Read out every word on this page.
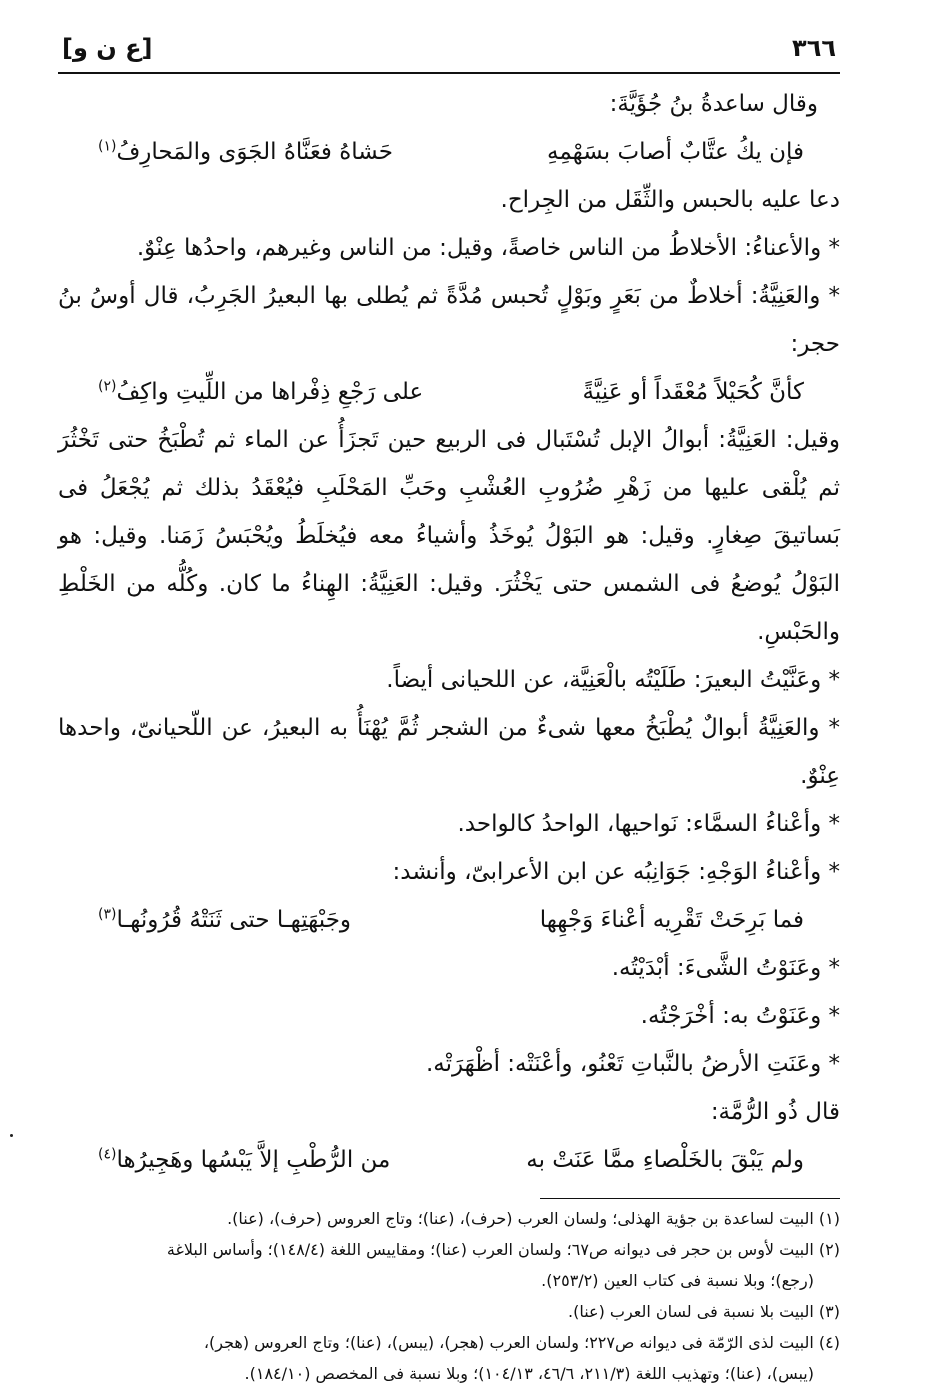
٣٦٦
[ع ن و]

وقال ساعدةُ بنُ جُؤَيَّةَ:

فإن يكُ عتَّابٌ أصابَ بسَهْمِهِ
حَشاهُ فعَنَّاهُ الجَوَى والمَحارِفُ$^{(١)}$

دعا عليه بالحبس والثِّقَل من الجِراح.

* والأعناءُ: الأخلاطُ من الناس خاصةً، وقيل: من الناس وغيرهم، واحدُها عِنْوٌ.

* والعَنِيَّةُ: أخلاطٌ من بَعَرٍ وبَوْلٍ تُحبس مُدَّةً ثم يُطلى بها البعيرُ الجَرِبُ، قال أوسُ بنُ حجر:

كأنَّ كُحَيْلاً مُعْقَداً أو عَنِيَّةً
على رَجْعِ ذِفْراها من اللِّيتِ واكِفُ$^{(٢)}$

وقيل: العَنِيَّةُ: أبوالُ الإبل تُسْتَبال فى الربيع حين تَجزَأُ عن الماء ثم تُطْبَخُ حتى تَخْثُرَ ثم يُلْقى عليها من زَهْرِ ضُرُوبِ العُشْبِ وحَبِّ المَحْلَبِ فيُعْقَدُ بذلك ثم يُجْعَلُ فى بَساتيقَ صِغارٍ. وقيل: هو البَوْلُ يُوخَذُ وأشياءُ معه فيُخلَطُ ويُحْبَسُ زَمَنا. وقيل: هو البَوْلُ يُوضعُ فى الشمس حتى يَخْثُرَ. وقيل: العَنِيَّةُ: الهِناءُ ما كان. وكُلُّه من الخَلْطِ والحَبْسِ.

* وعَنَّيْتُ البعيرَ: طَلَيْتُه بالْعَنِيَّة، عن اللحيانى أيضاً.

* والعَنِيَّةُ أبوالٌ يُطْبَخُ معها شىءٌ من الشجر ثُمَّ يُهْنَأُ به البعيرُ، عن اللّحيانىّ، واحدها عِنْوٌ.

* وأعْناءُ السمَّاء: نَواحيها، الواحدُ كالواحد.

* وأعْناءُ الوَجْهِ: جَوَانِبُه عن ابن الأعرابىّ، وأنشد:

فما بَرِحَتْ تَقْرِيه أعْناءَ وَجْهِها
وجَبْهَتِهـا حتى ثَنَتْهُ قُرُونُهـا$^{(٣)}$

* وعَنَوْتُ الشَّىءَ: أبْدَيْتُه.

* وعَنَوْتُ به: أخْرَجْتُه.

* وعَنَتِ الأرضُ بالنَّباتِ تَعْنُو، وأعْنَتْه: أظْهَرَتْه.

قال ذُو الرُّمَّة:

ولم يَبْقَ بالخَلْصاءِ ممَّا عَنَتْ به
من الرُّطْبِ إلاَّ يَبْسُها وهَجِيرُها$^{(٤)}$

(١) البيت لساعدة بن جؤية الهذلى؛ ولسان العرب (حرف)، (عنا)؛ وتاج العروس (حرف)، (عنا).

(٢) البيت لأوس بن حجر فى ديوانه ص٦٧؛ ولسان العرب (عنا)؛ ومقاييس اللغة (١٤٨/٤)؛ وأساس البلاغة
(رجع)؛ وبلا نسبة فى كتاب العين (٢٥٣/٢).

(٣) البيت بلا نسبة فى لسان العرب (عنا).

(٤) البيت لذى الرّمّة فى ديوانه ص٢٢٧؛ ولسان العرب (هجر)، (يبس)، (عنا)؛ وتاج العروس (هجر)،
(يبس)، (عنا)؛ وتهذيب اللغة (٢١١/٣، ٤٦/٦، ١٠٤/١٣)؛ وبلا نسبة فى المخصص (١٨٤/١٠).
